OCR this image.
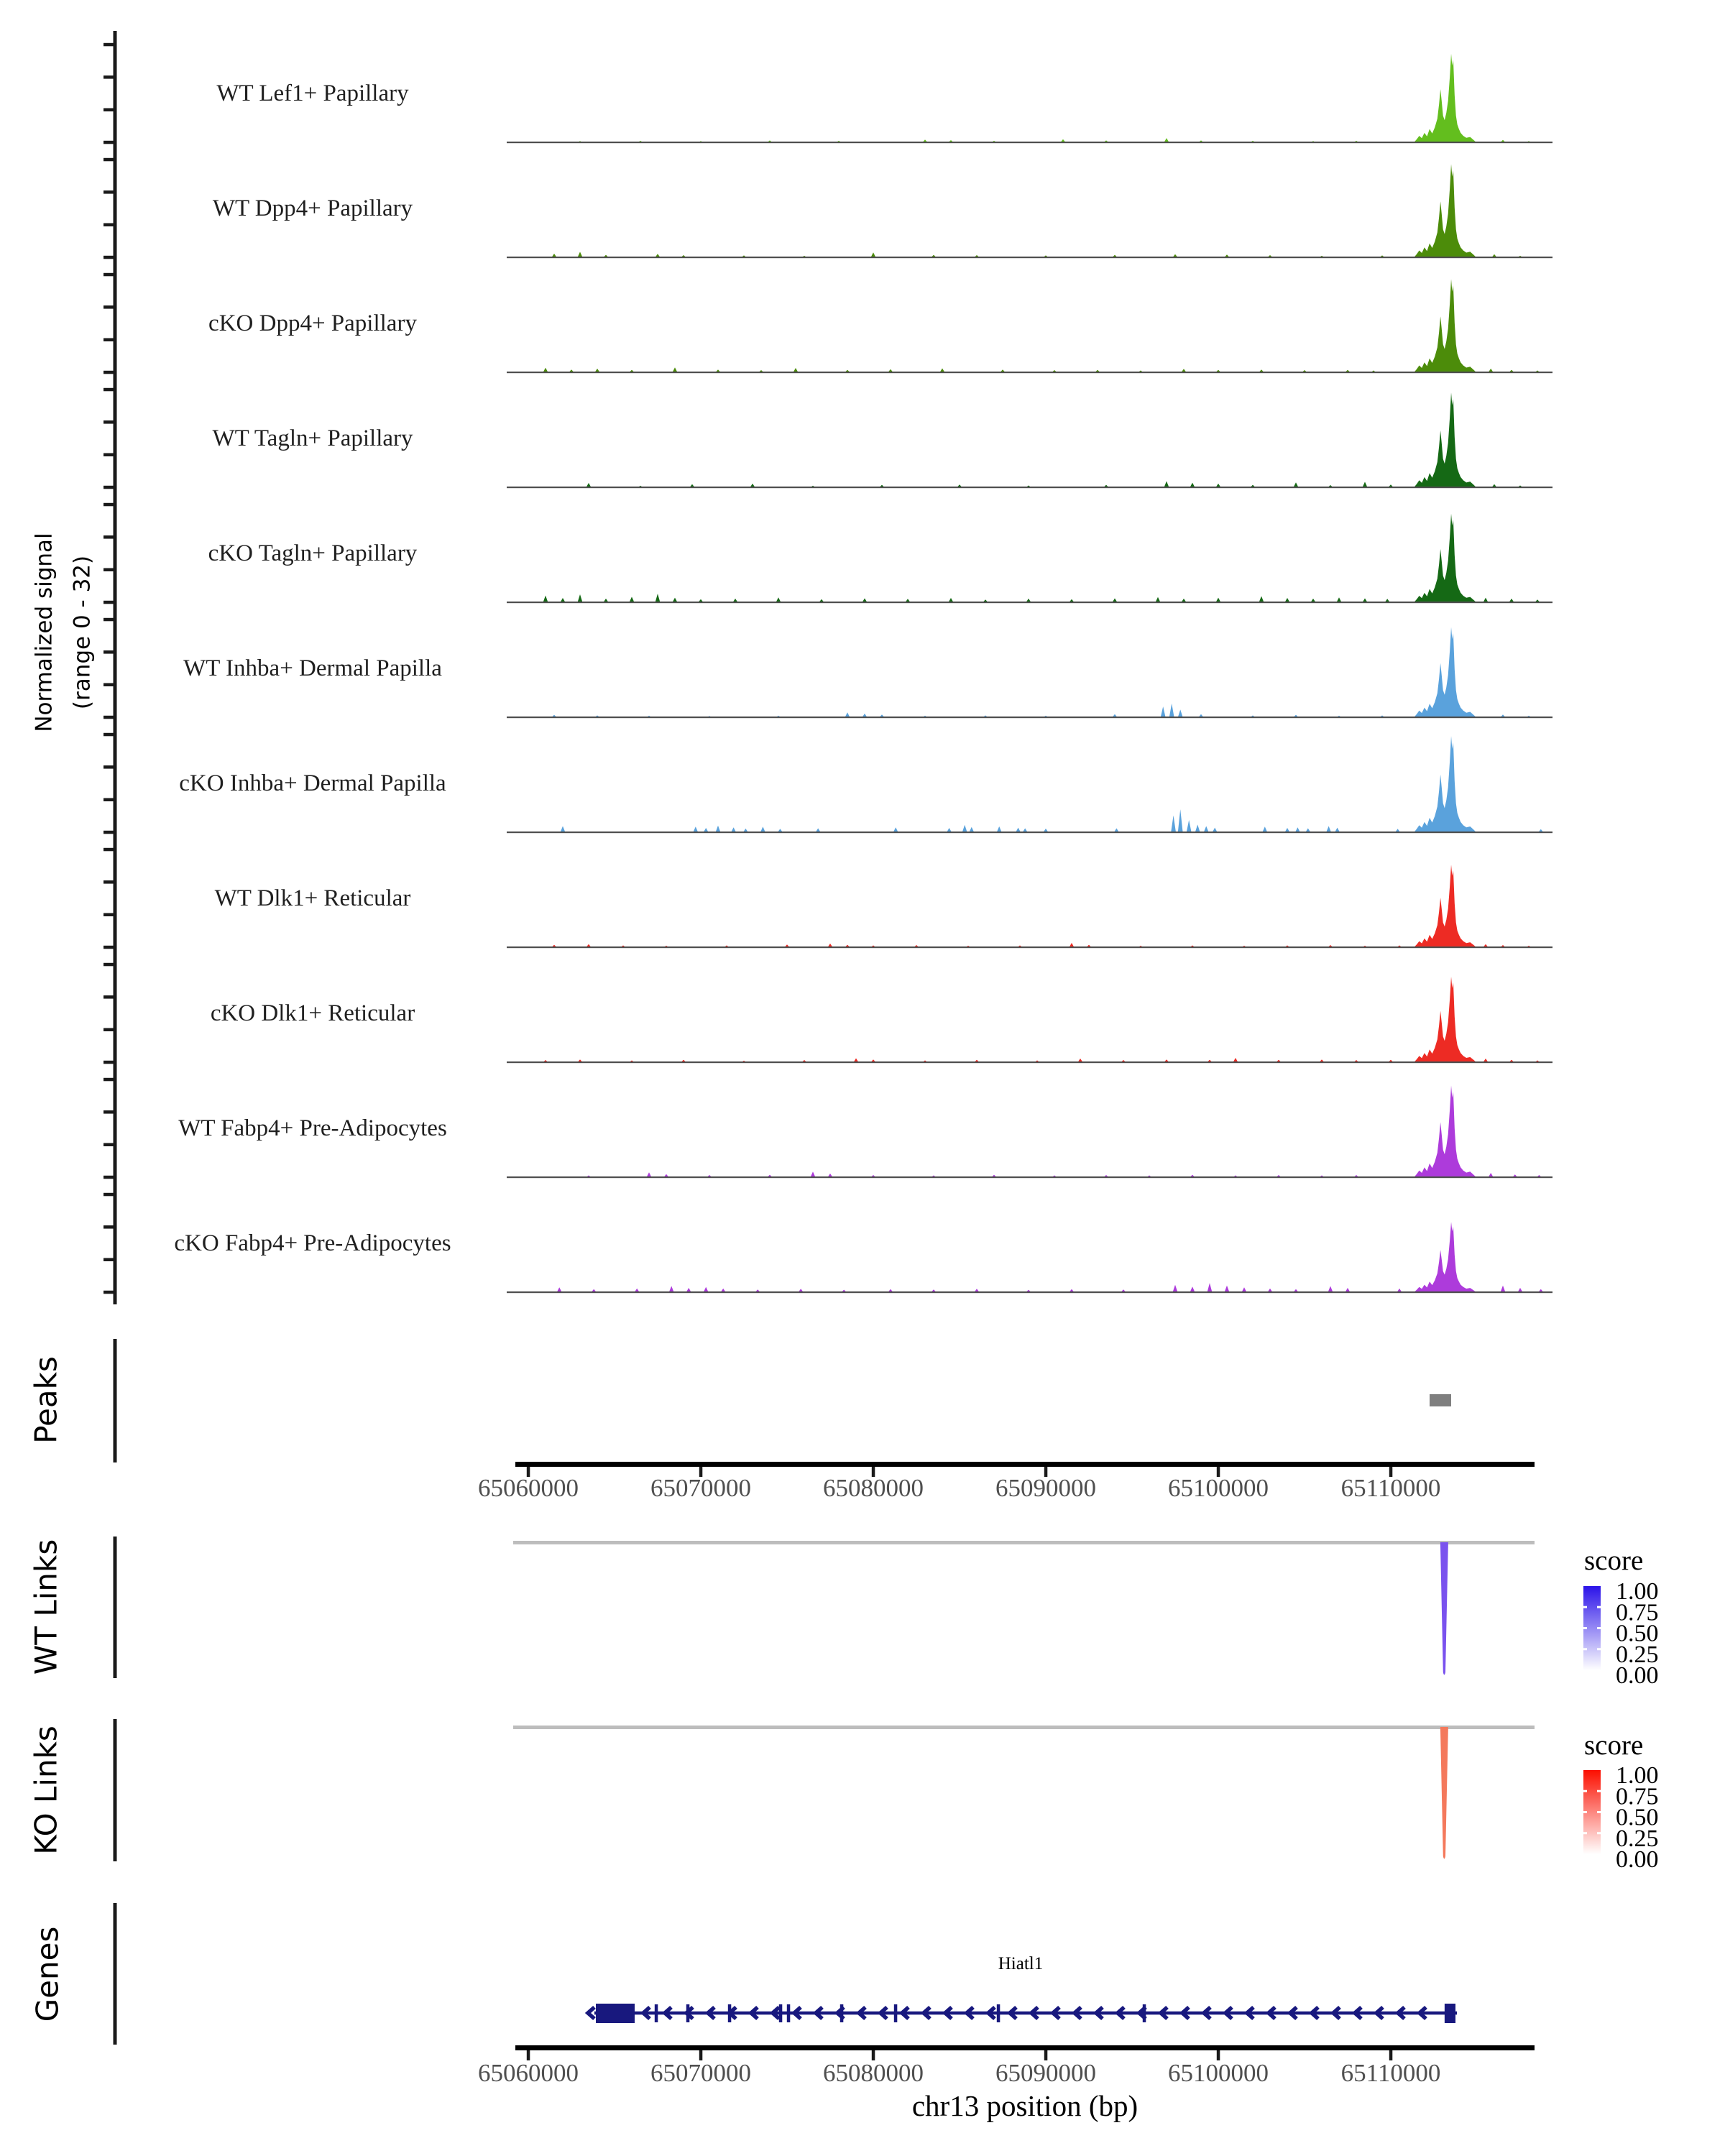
Normalized signal (range 0 - 32)
Peaks
WT Links
KO Links
Genes
WT Lef1+ Papillary
WT Dpp4+ Papillary
cKO Dpp4+ Papillary
WT Tagln+ Papillary
cKO Tagln+ Papillary
WT Inhba+ Dermal Papilla
cKO Inhba+ Dermal Papilla
WT Dlk1+ Reticular
cKO Dlk1+ Reticular
WT Fabp4+ Pre-Adipocytes
cKO Fabp4+ Pre-Adipocytes
65060000	65070000	65080000	65090000	65100000	65110000
65060000	65070000	65080000	65090000	65100000	65110000
chr13 position (bp)
score
1.00
0.75
0.50
0.25
0.00
score
1.00
0.75
0.50
0.25
0.00
Hiatl1
